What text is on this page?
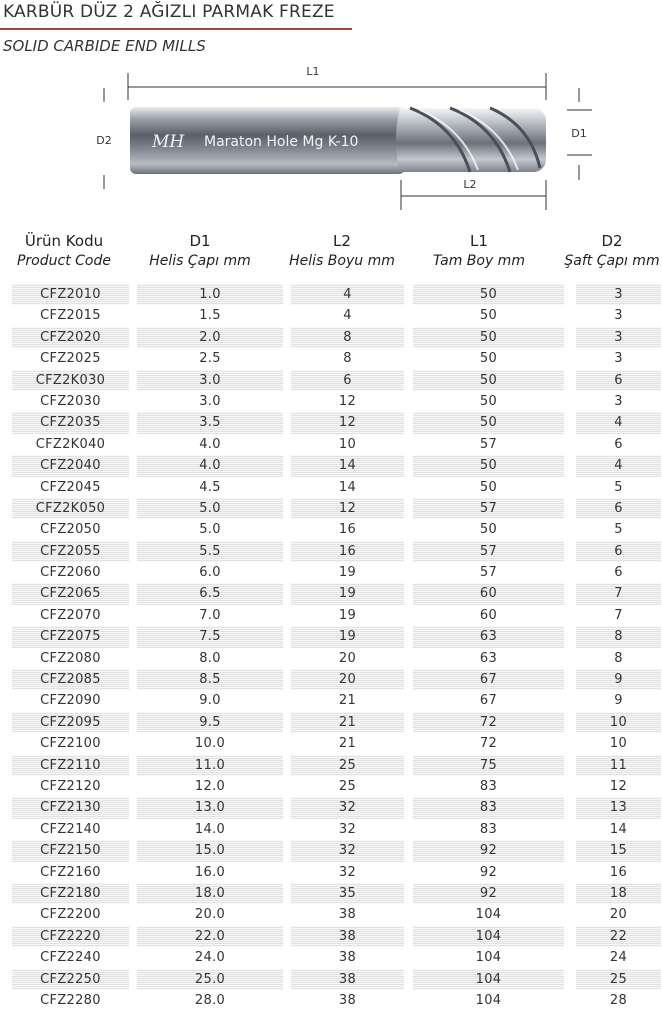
KARBÜR DÜZ 2 AĞIZLI PARMAK FREZE
SOLID CARBIDE END MILLS
L1
D2
D1
MH Maraton Hole Mg K-10
L2
Ürün Kodu
Product Code
D1
Helis Çapı mm
L2
Helis Boyu mm
L1
Tam Boy mm
D2
Şaft Çapı mm
CFZ2010	1.0	4	50	3
CFZ2015	1.5	4	50	3
CFZ2020	2.0	8	50	3
CFZ2025	2.5	8	50	3
CFZ2K030	3.0	6	50	6
CFZ2030	3.0	12	50	3
CFZ2035	3.5	12	50	4
CFZ2K040	4.0	10	57	6
CFZ2040	4.0	14	50	4
CFZ2045	4.5	14	50	5
CFZ2K050	5.0	12	57	6
CFZ2050	5.0	16	50	5
CFZ2055	5.5	16	57	6
CFZ2060	6.0	19	57	6
CFZ2065	6.5	19	60	7
CFZ2070	7.0	19	60	7
CFZ2075	7.5	19	63	8
CFZ2080	8.0	20	63	8
CFZ2085	8.5	20	67	9
CFZ2090	9.0	21	67	9
CFZ2095	9.5	21	72	10
CFZ2100	10.0	21	72	10
CFZ2110	11.0	25	75	11
CFZ2120	12.0	25	83	12
CFZ2130	13.0	32	83	13
CFZ2140	14.0	32	83	14
CFZ2150	15.0	32	92	15
CFZ2160	16.0	32	92	16
CFZ2180	18.0	35	92	18
CFZ2200	20.0	38	104	20
CFZ2220	22.0	38	104	22
CFZ2240	24.0	38	104	24
CFZ2250	25.0	38	104	25
CFZ2280	28.0	38	104	28
